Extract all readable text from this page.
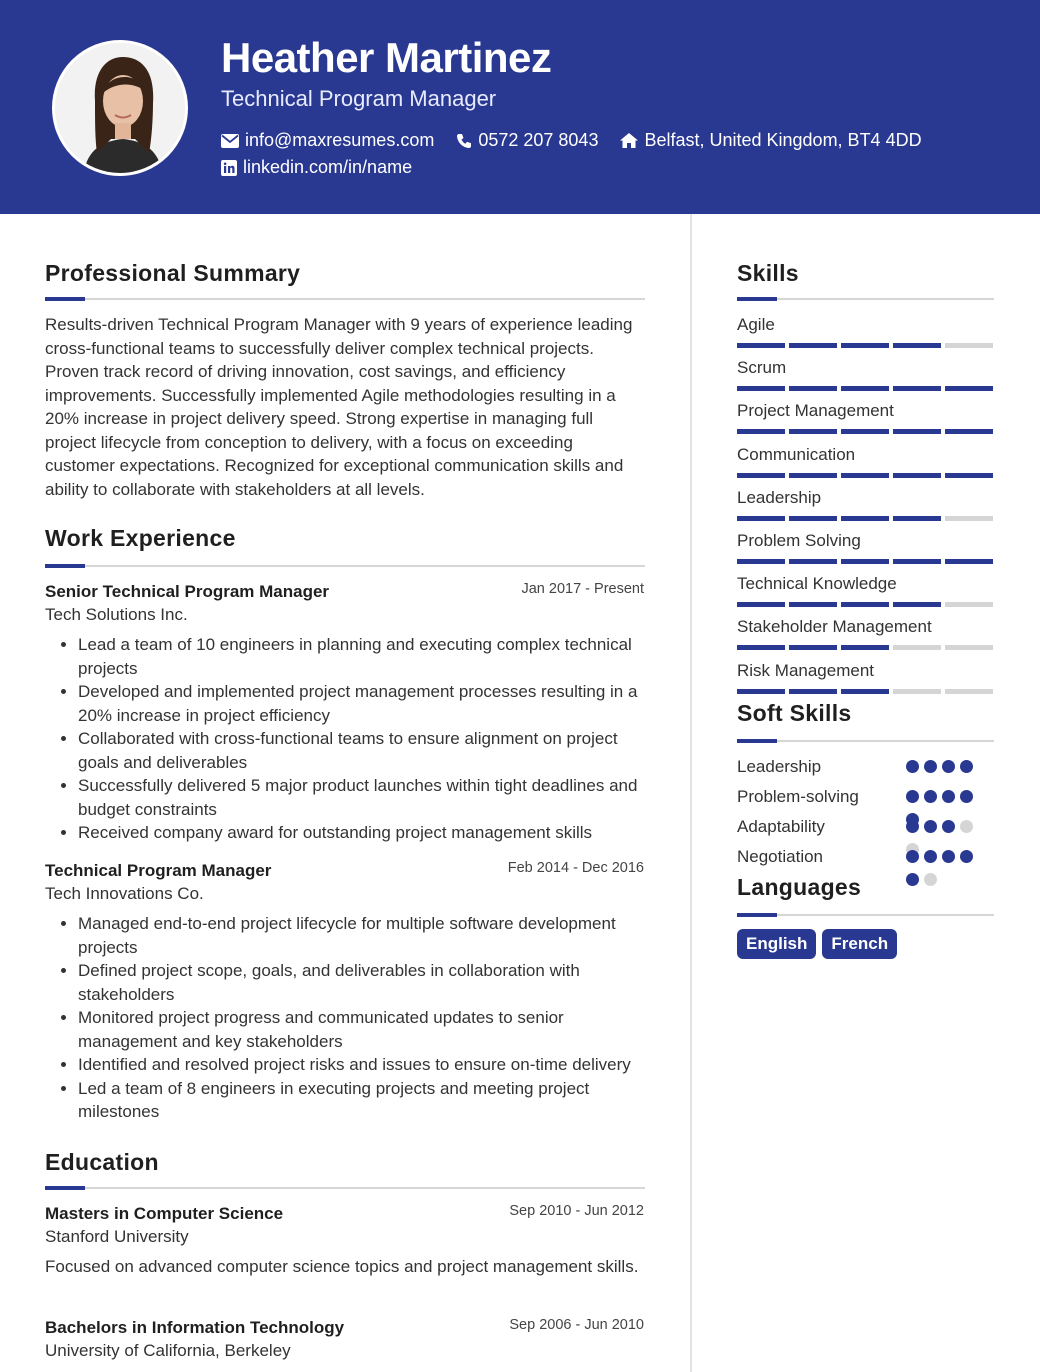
Heather Martinez
Technical Program Manager
info@maxresumes.com 0572 207 8043	Belfast, United Kingdom, BT4 4DD
linkedin.com/in/name
Professional Summary
Results-driven Technical Program Manager with 9 years of experience leading cross-functional teams to successfully deliver complex technical projects. Proven track record of driving innovation, cost savings, and efficiency improvements. Successfully implemented Agile methodologies resulting in a 20% increase in project delivery speed. Strong expertise in managing full project lifecycle from conception to delivery, with a focus on exceeding customer expectations. Recognized for exceptional communication skills and ability to collaborate with stakeholders at all levels.
Work Experience
Senior Technical Program Manager	Jan 2017 - Present
Tech Solutions Inc.
• Lead a team of 10 engineers in planning and executing complex technical projects
• Developed and implemented project management processes resulting in a 20% increase in project efficiency
• Collaborated with cross-functional teams to ensure alignment on project goals and deliverables
• Successfully delivered 5 major product launches within tight deadlines and budget constraints
• Received company award for outstanding project management skills
Technical Program Manager	Feb 2014 - Dec 2016
Tech Innovations Co.
• Managed end-to-end project lifecycle for multiple software development projects
• Defined project scope, goals, and deliverables in collaboration with stakeholders
• Monitored project progress and communicated updates to senior management and key stakeholders
• Identified and resolved project risks and issues to ensure on-time delivery
• Led a team of 8 engineers in executing projects and meeting project milestones
Education
Masters in Computer Science	Sep 2010 - Jun 2012
Stanford University
Focused on advanced computer science topics and project management skills.
Bachelors in Information Technology	Sep 2006 - Jun 2010
University of California, Berkeley
Skills
Agile
Scrum
Project Management
Communication
Leadership
Problem Solving
Technical Knowledge
Stakeholder Management
Risk Management
Soft Skills
Leadership
Problem-solving
Adaptability
Negotiation
Languages
English	French
